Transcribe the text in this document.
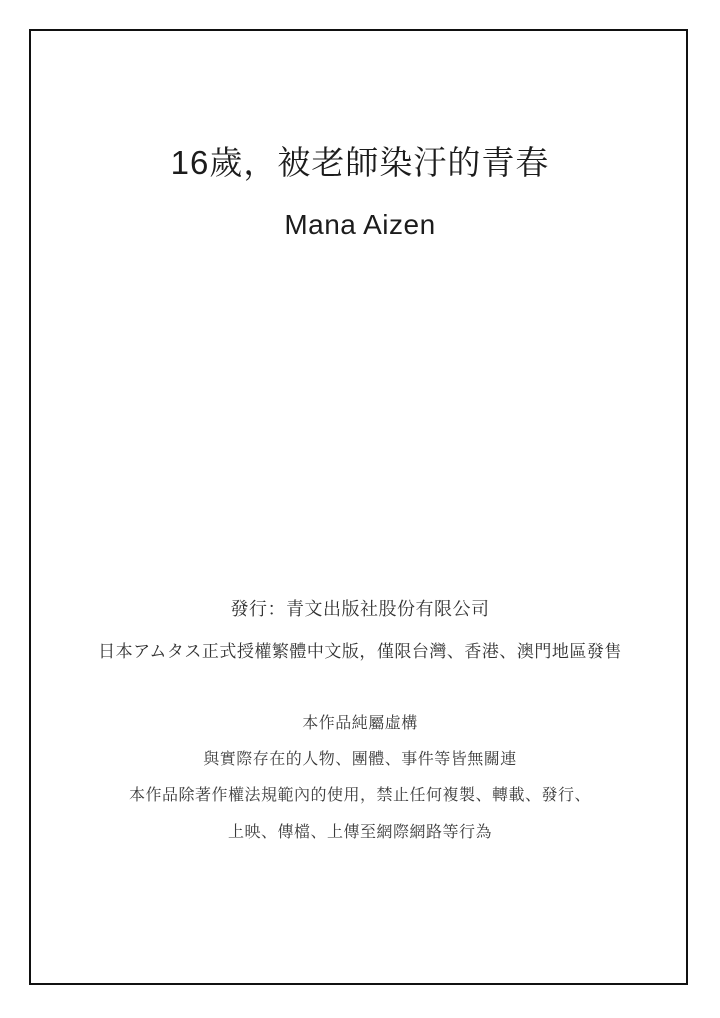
16歲，被老師染汙的青春
Mana Aizen
發行：青文出版社股份有限公司
日本アムタス正式授權繁體中文版，僅限台灣、香港、澳門地區發售
本作品純屬虛構
與實際存在的人物、團體、事件等皆無關連
本作品除著作權法規範內的使用，禁止任何複製、轉載、發行、
上映、傳檔、上傳至網際網路等行為
